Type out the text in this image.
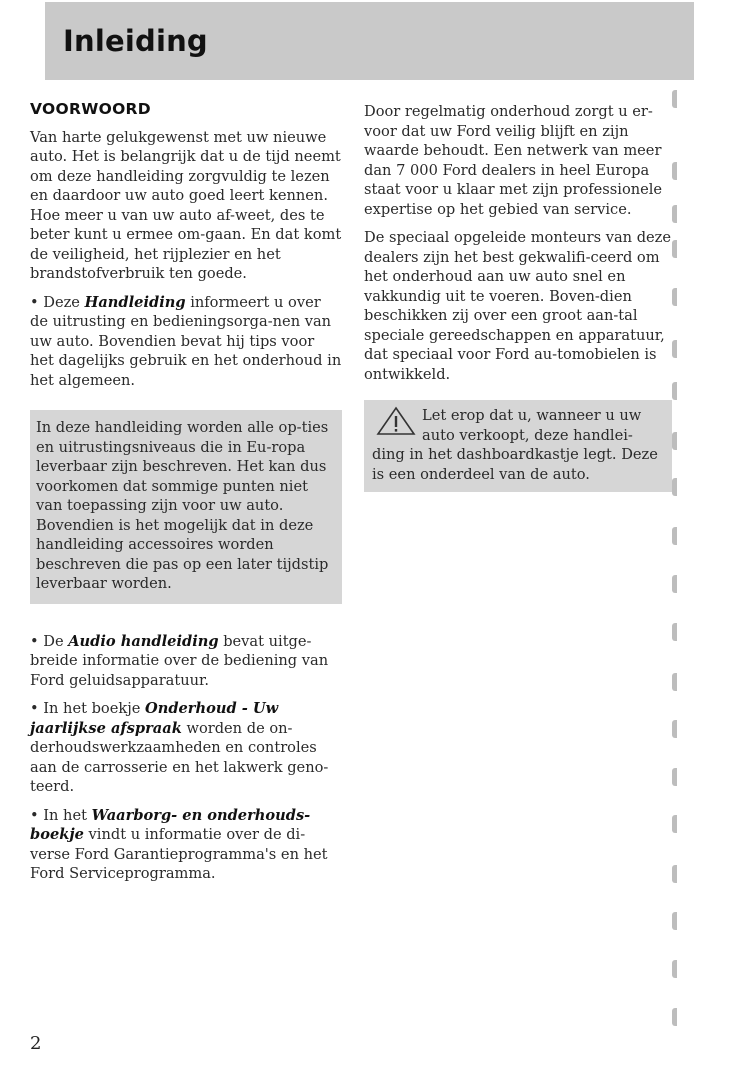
Inleiding
VOORWOORD

Van harte gelukgewenst met uw nieuwe auto. Het is belangrijk dat u de tijd neemt om deze handleiding zorgvuldig te lezen en daardoor uw auto goed leert kennen. Hoe meer u van uw auto af-weet, des te beter kunt u ermee om-gaan. En dat komt de veiligheid, het rijplezier en het brandstofverbruik ten goede.

• Deze Handleiding informeert u over de uitrusting en bedieningsorga-nen van uw auto. Bovendien bevat hij tips voor het dagelijks gebruik en het onderhoud in het algemeen.

In deze handleiding worden alle op-ties en uitrustingsniveaus die in Eu-ropa leverbaar zijn beschreven. Het kan dus voorkomen dat sommige punten niet van toepassing zijn voor uw auto. Bovendien is het mogelijk dat in deze handleiding accessoires worden beschreven die pas op een later tijdstip leverbaar worden.

• De Audio handleiding bevat uitge-breide informatie over de bediening van Ford geluidsapparatuur.

• In het boekje Onderhoud - Uw jaarlijkse afspraak worden de on-derhoudswerkzaamheden en controles aan de carrosserie en het lakwerk geno-teerd.

• In het Waarborg- en onderhouds-boekje vindt u informatie over de di-verse Ford Garantieprogramma's en het Ford Serviceprogramma.

Door regelmatig onderhoud zorgt u er-voor dat uw Ford veilig blijft en zijn waarde behoudt. Een netwerk van meer dan 7 000 Ford dealers in heel Europa staat voor u klaar met zijn professionele expertise op het gebied van service.

De speciaal opgeleide monteurs van deze dealers zijn het best gekwalifi-ceerd om het onderhoud aan uw auto snel en vakkundig uit te voeren. Boven-dien beschikken zij over een groot aan-tal speciale gereedschappen en apparatuur, dat speciaal voor Ford au-tomobielen is ontwikkeld.

Let erop dat u, wanneer u uw auto verkoopt, deze handlei-ding in het dashboardkastje legt. Deze is een onderdeel van de auto.

2
